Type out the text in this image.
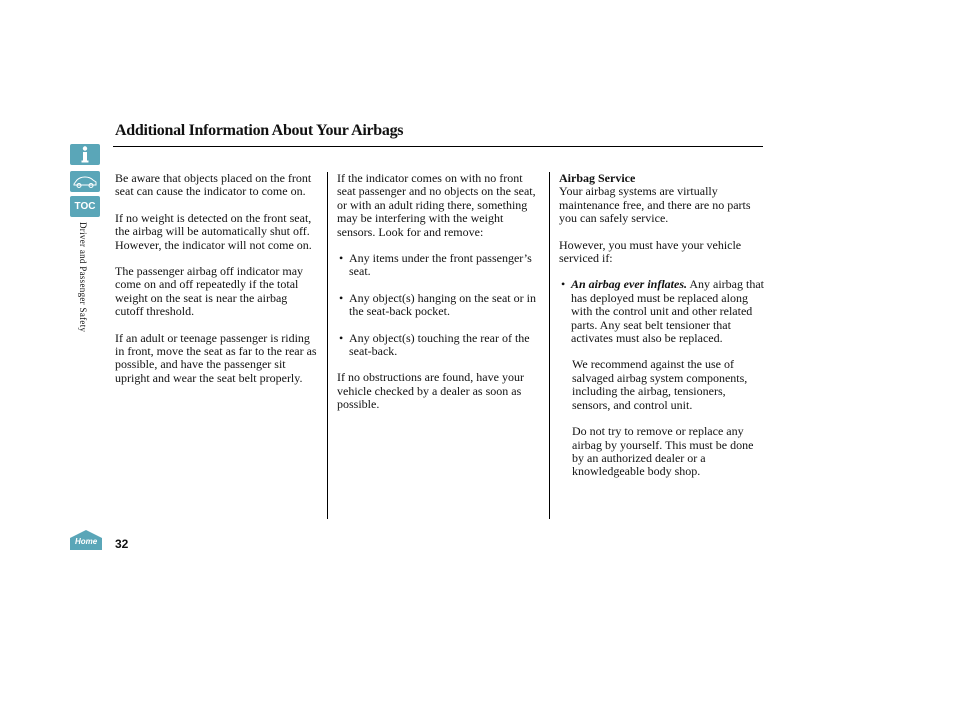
TOC
Driver and Passenger Safety
Home
Additional Information About Your Airbags

Be aware that objects placed on the front seat can cause the indicator to come on.

If no weight is detected on the front seat, the airbag will be automatically shut off. However, the indicator will not come on.

The passenger airbag off indicator may come on and off repeatedly if the total weight on the seat is near the airbag cutoff threshold.

If an adult or teenage passenger is riding in front, move the seat as far to the rear as possible, and have the passenger sit upright and wear the seat belt properly.

If the indicator comes on with no front seat passenger and no objects on the seat, or with an adult riding there, something may be interfering with the weight sensors. Look for and remove:

• Any items under the front passenger’s seat.
• Any object(s) hanging on the seat or in the seat-back pocket.
• Any object(s) touching the rear of the seat-back.

If no obstructions are found, have your vehicle checked by a dealer as soon as possible.

Airbag Service

Your airbag systems are virtually maintenance free, and there are no parts you can safely service.

However, you must have your vehicle serviced if:

• An airbag ever inflates. Any airbag that has deployed must be replaced along with the control unit and other related parts. Any seat belt tensioner that activates must also be replaced.

We recommend against the use of salvaged airbag system components, including the airbag, tensioners, sensors, and control unit.

Do not try to remove or replace any airbag by yourself. This must be done by an authorized dealer or a knowledgeable body shop.

32
